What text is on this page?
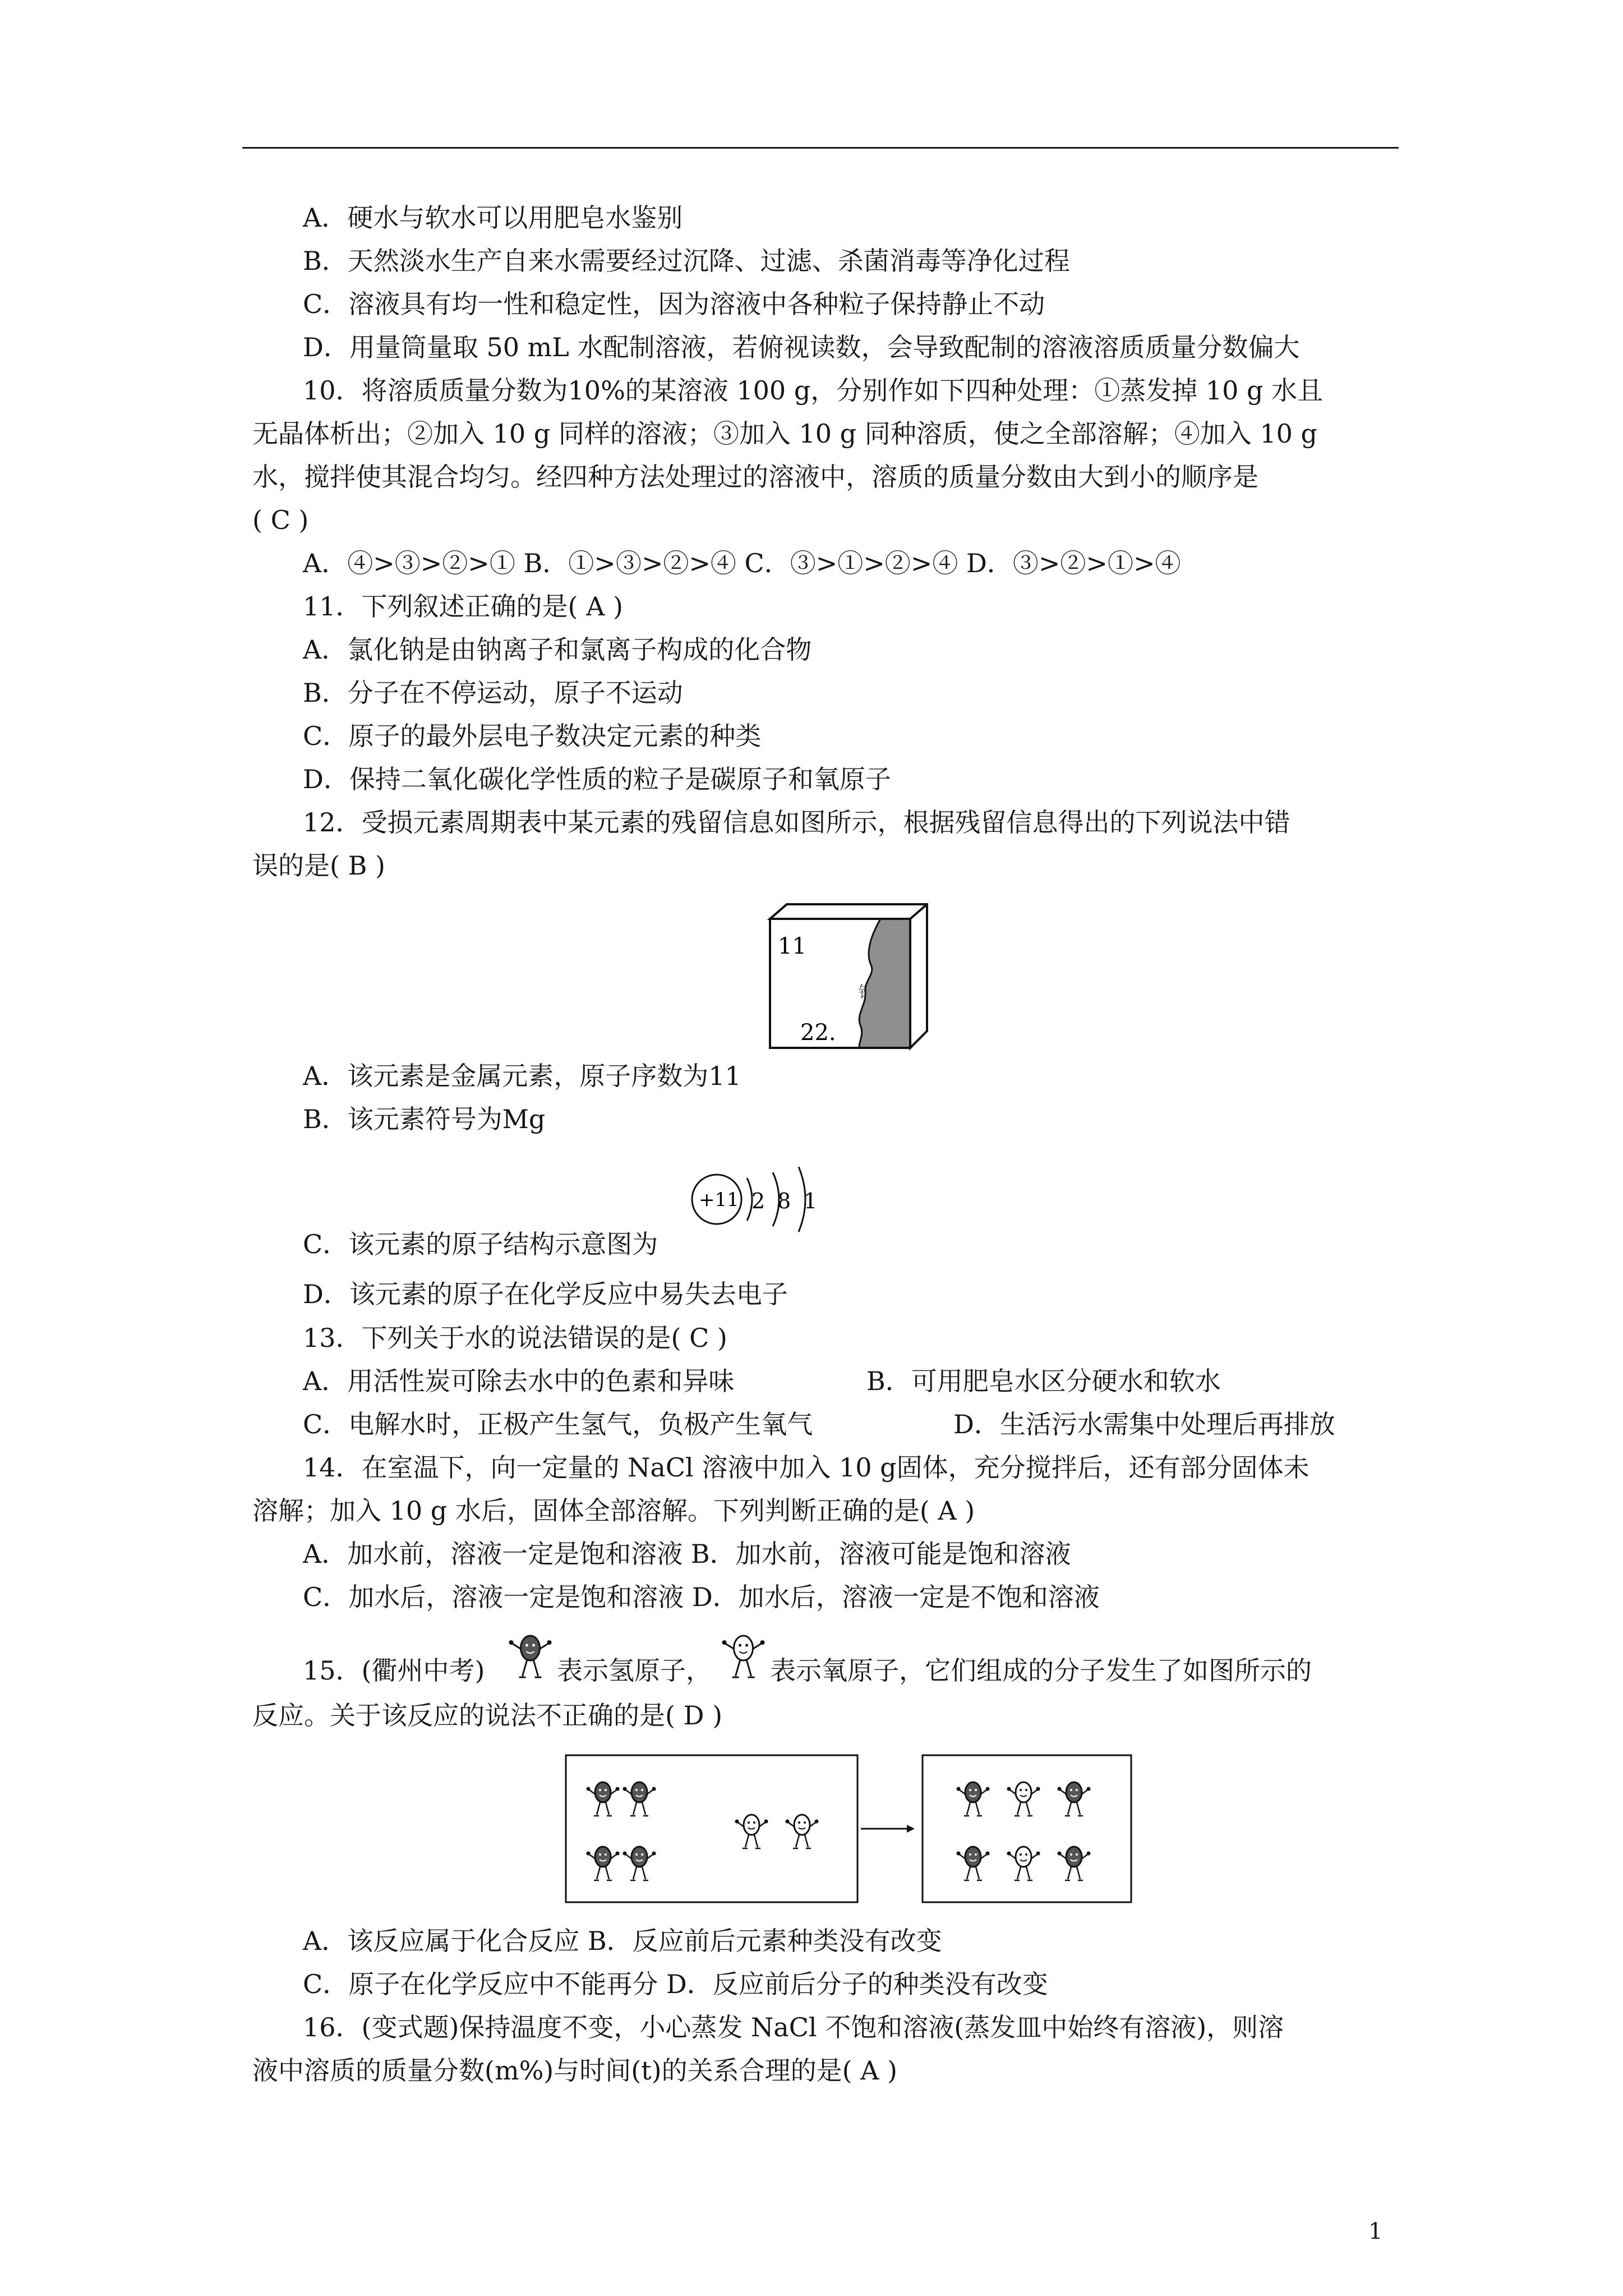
A．硬水与软水可以用肥皂水鉴别
B．天然淡水生产自来水需要经过沉降、过滤、杀菌消毒等净化过程
C．溶液具有均一性和稳定性，因为溶液中各种粒子保持静止不动
D．用量筒量取 50 mL 水配制溶液，若俯视读数，会导致配制的溶液溶质质量分数偏大
10．将溶质质量分数为10%的某溶液 100 g，分别作如下四种处理：①蒸发掉 10 g 水且
无晶体析出；②加入 10 g 同样的溶液；③加入 10 g 同种溶质，使之全部溶解；④加入 10 g
水，搅拌使其混合均匀。经四种方法处理过的溶液中，溶质的质量分数由大到小的顺序是
( C )
A．④>③>②>① B．①>③>②>④ C．③>①>②>④ D．③>②>①>④
11．下列叙述正确的是( A )
A．氯化钠是由钠离子和氯离子构成的化合物
B．分子在不停运动，原子不运动
C．原子的最外层电子数决定元素的种类
D．保持二氧化碳化学性质的粒子是碳原子和氧原子
12．受损元素周期表中某元素的残留信息如图所示，根据残留信息得出的下列说法中错
误的是( B )
11
22.
钅
A．该元素是金属元素，原子序数为11
B．该元素符号为Mg
+11 2 8 1
C．该元素的原子结构示意图为
D．该元素的原子在化学反应中易失去电子
13．下列关于水的说法错误的是( C )
A．用活性炭可除去水中的色素和异味	B．可用肥皂水区分硬水和软水
C．电解水时，正极产生氢气，负极产生氧气	D．生活污水需集中处理后再排放
14．在室温下，向一定量的 NaCl 溶液中加入 10 g固体，充分搅拌后，还有部分固体未
溶解；加入 10 g 水后，固体全部溶解。下列判断正确的是( A )
A．加水前，溶液一定是饱和溶液 B．加水前，溶液可能是饱和溶液
C．加水后，溶液一定是饱和溶液 D．加水后，溶液一定是不饱和溶液
15．(衢州中考)	表示氢原子， 表示氧原子，它们组成的分子发生了如图所示的
反应。关于该反应的说法不正确的是( D )
A．该反应属于化合反应 B．反应前后元素种类没有改变
C．原子在化学反应中不能再分 D．反应前后分子的种类没有改变
16．(变式题)保持温度不变，小心蒸发 NaCl 不饱和溶液(蒸发皿中始终有溶液)，则溶
液中溶质的质量分数(m%)与时间(t)的关系合理的是( A )
1
